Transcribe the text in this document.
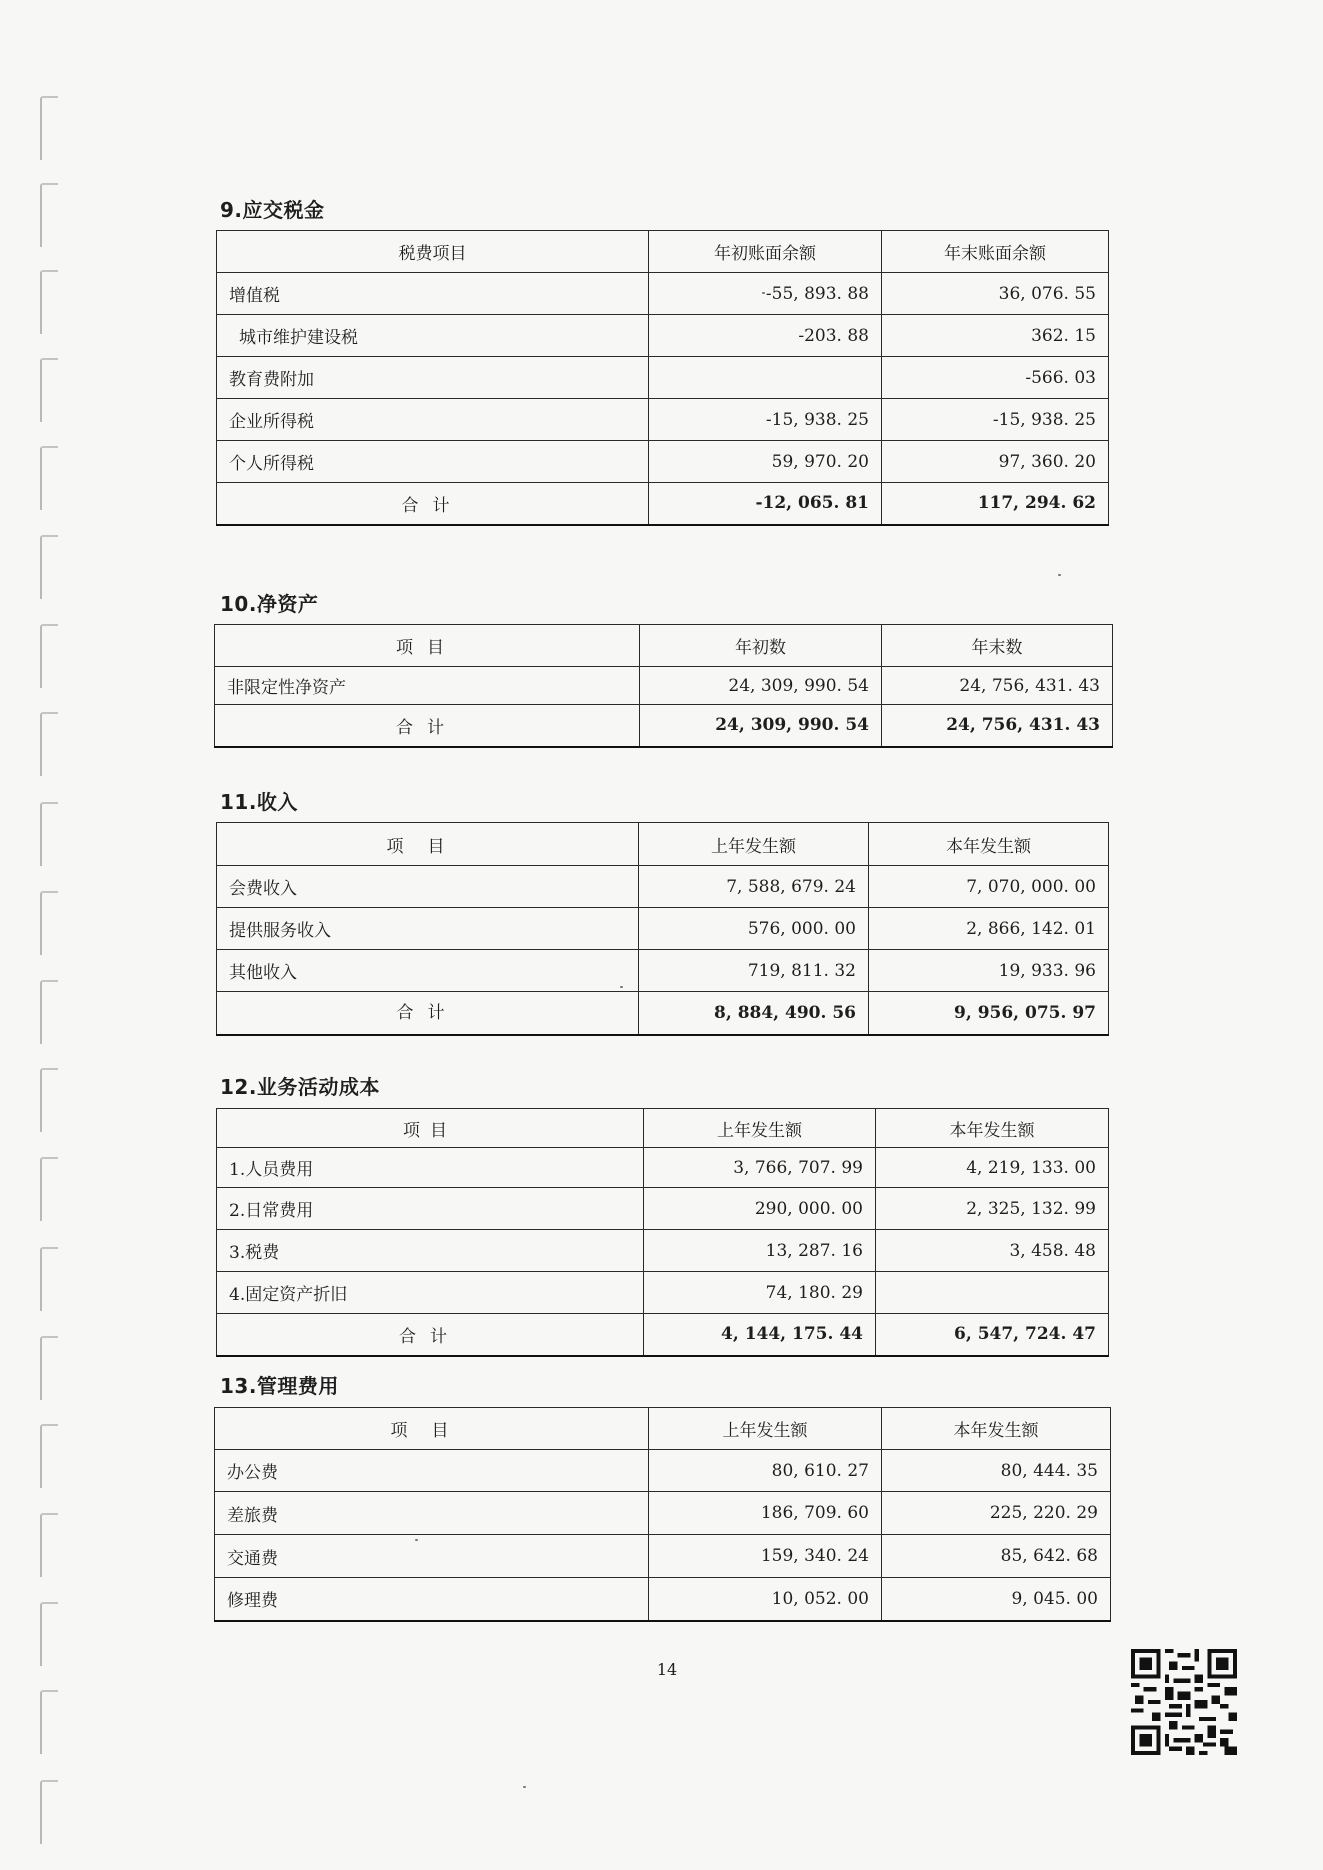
9.应交税金
税费项目	年初账面余额	年末账面余额
增值税	-55, 893. 88	36, 076. 55
城市维护建设税	-203. 88	362. 15
教育费附加		-566. 03
企业所得税	-15, 938. 25	-15, 938. 25
个人所得税	59, 970. 20	97, 360. 20
合计	-12, 065. 81	117, 294. 62
10.净资产
项目	年初数	年末数
非限定性净资产	24, 309, 990. 54	24, 756, 431. 43
合计	24, 309, 990. 54	24, 756, 431. 43
11.收入
项目	上年发生额	本年发生额
会费收入	7, 588, 679. 24	7, 070, 000. 00
提供服务收入	576, 000. 00	2, 866, 142. 01
其他收入	719, 811. 32	19, 933. 96
合计	8, 884, 490. 56	9, 956, 075. 97
12.业务活动成本
项目	上年发生额	本年发生额
1.人员费用	3, 766, 707. 99	4, 219, 133. 00
2.日常费用	290, 000. 00	2, 325, 132. 99
3.税费	13, 287. 16	3, 458. 48
4.固定资产折旧	74, 180. 29	
合计	4, 144, 175. 44	6, 547, 724. 47
13.管理费用
项目	上年发生额	本年发生额
办公费	80, 610. 27	80, 444. 35
差旅费	186, 709. 60	225, 220. 29
交通费	159, 340. 24	85, 642. 68
修理费	10, 052. 00	9, 045. 00
14
